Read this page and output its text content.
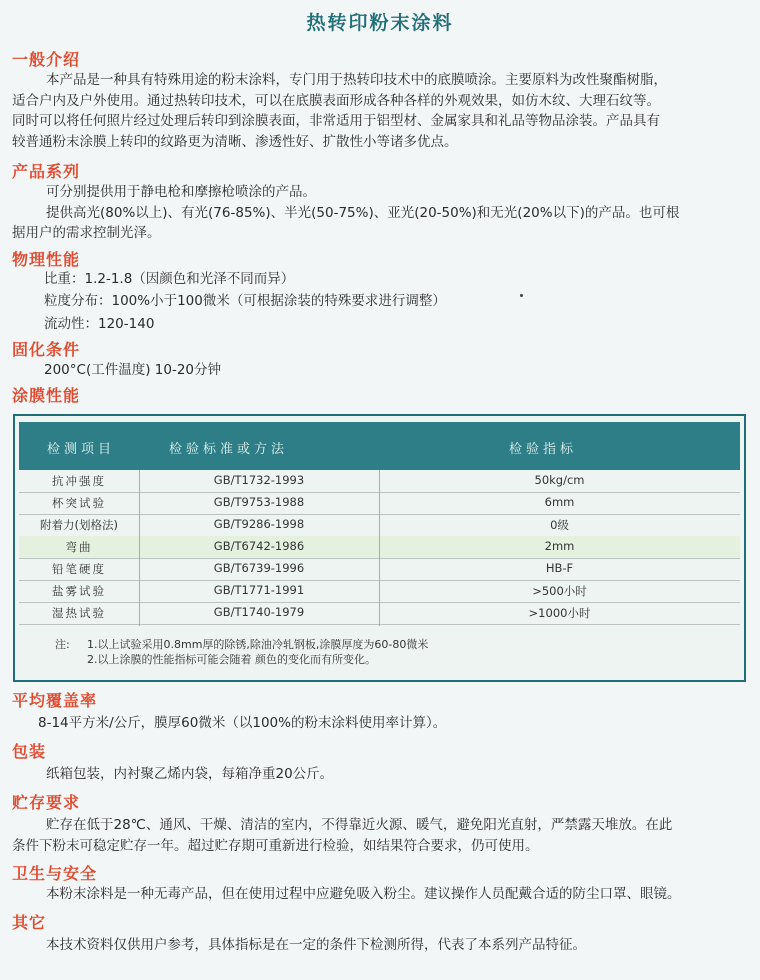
热转印粉末涂料
一般介绍

本产品是一种具有特殊用途的粉末涂料，专门用于热转印技术中的底膜喷涂。主要原料为改性聚酯树脂，

适合户内及户外使用。通过热转印技术，可以在底膜表面形成各种各样的外观效果，如仿木纹、大理石纹等。

同时可以将任何照片经过处理后转印到涂膜表面，非常适用于铝型材、金属家具和礼品等物品涂装。产品具有

较普通粉末涂膜上转印的纹路更为清晰、渗透性好、扩散性小等诸多优点。

产品系列

可分别提供用于静电枪和摩擦枪喷涂的产品。

提供高光(80%以上)、有光(76-85%)、半光(50-75%)、亚光(20-50%)和无光(20%以下)的产品。也可根

据用户的需求控制光泽。

物理性能
比重：1.2-1.8（因颜色和光泽不同而异）
粒度分布：100%小于100微米（可根据涂装的特殊要求进行调整）
流动性：120-140
固化条件
200°C(工件温度) 10-20分钟
涂膜性能
检测项目	检验标准或方法	检验指标
抗冲强度	GB/T1732-1993	50kg/cm
杯突试验	GB/T9753-1988	6mm
附着力(划格法)	GB/T9286-1998	0级
弯曲	GB/T6742-1986	2mm
铅笔硬度	GB/T6739-1996	HB-F
盐雾试验	GB/T1771-1991	>500小时
湿热试验	GB/T1740-1979	>1000小时
注: 1.以上试验采用0.8mm厚的除锈,除油冷轧钢板,涂膜厚度为60-80微米
2.以上涂膜的性能指标可能会随着 颜色的变化而有所变化。
平均覆盖率
8-14平方米/公斤，膜厚60微米（以100%的粉末涂料使用率计算）。
包装
纸箱包装，内衬聚乙烯内袋，每箱净重20公斤。
贮存要求

贮存在低于28℃、通风、干燥、清洁的室内，不得靠近火源、暖气，避免阳光直射，严禁露天堆放。在此

条件下粉末可稳定贮存一年。超过贮存期可重新进行检验，如结果符合要求，仍可使用。

卫生与安全

本粉末涂料是一种无毒产品，但在使用过程中应避免吸入粉尘。建议操作人员配戴合适的防尘口罩、眼镜。

其它

本技术资料仅供用户参考，具体指标是在一定的条件下检测所得，代表了本系列产品特征。
